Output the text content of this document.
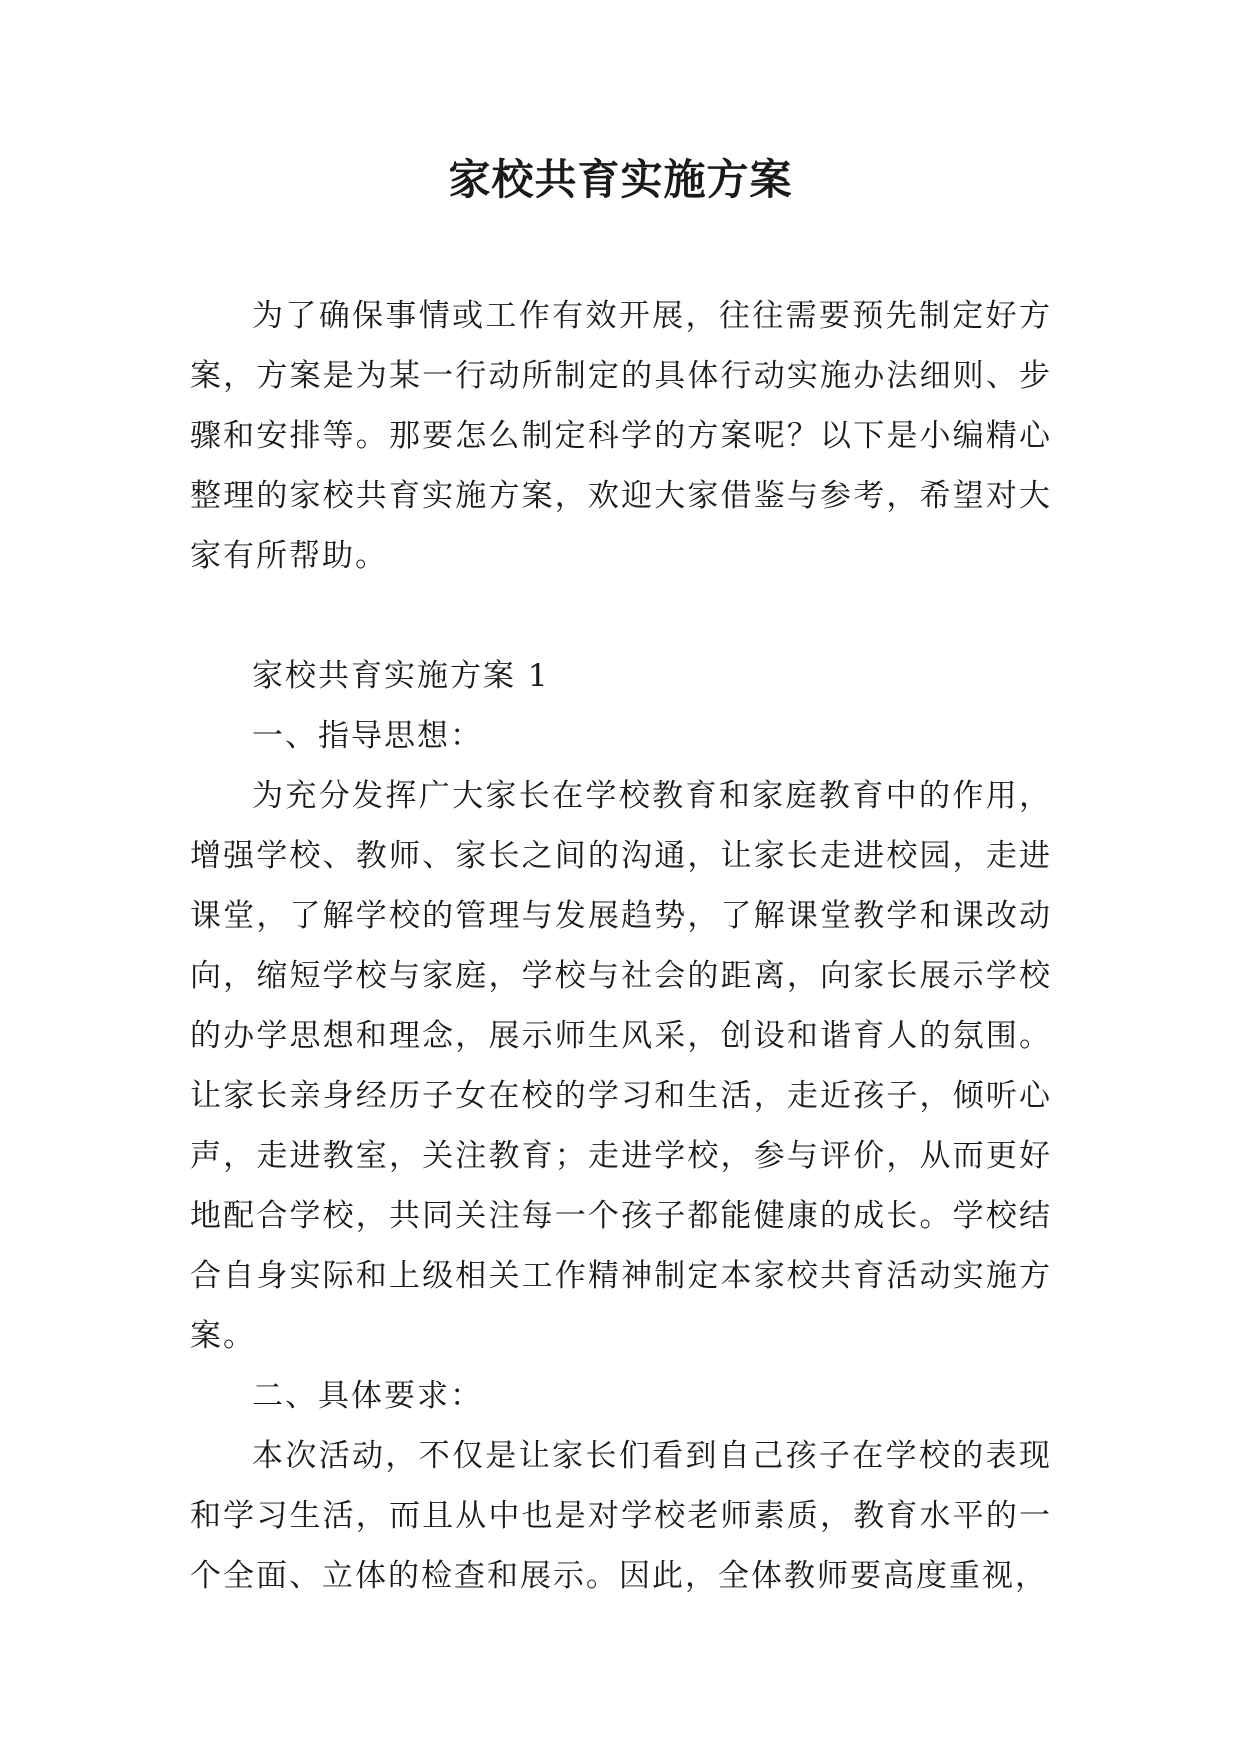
家校共育实施方案

为了确保事情或工作有效开展，往往需要预先制定好方案，方案是为某一行动所制定的具体行动实施办法细则、步骤和安排等。那要怎么制定科学的方案呢？以下是小编精心整理的家校共育实施方案，欢迎大家借鉴与参考，希望对大家有所帮助。

家校共育实施方案 1

一、指导思想：

为充分发挥广大家长在学校教育和家庭教育中的作用，增强学校、教师、家长之间的沟通，让家长走进校园，走进课堂，了解学校的管理与发展趋势，了解课堂教学和课改动向，缩短学校与家庭，学校与社会的距离，向家长展示学校的办学思想和理念，展示师生风采，创设和谐育人的氛围。让家长亲身经历子女在校的学习和生活，走近孩子，倾听心声，走进教室，关注教育；走进学校，参与评价，从而更好地配合学校，共同关注每一个孩子都能健康的成长。学校结合自身实际和上级相关工作精神制定本家校共育活动实施方案。

二、具体要求：

本次活动，不仅是让家长们看到自己孩子在学校的表现和学习生活，而且从中也是对学校老师素质，教育水平的一个全面、立体的检查和展示。因此，全体教师要高度重视，
